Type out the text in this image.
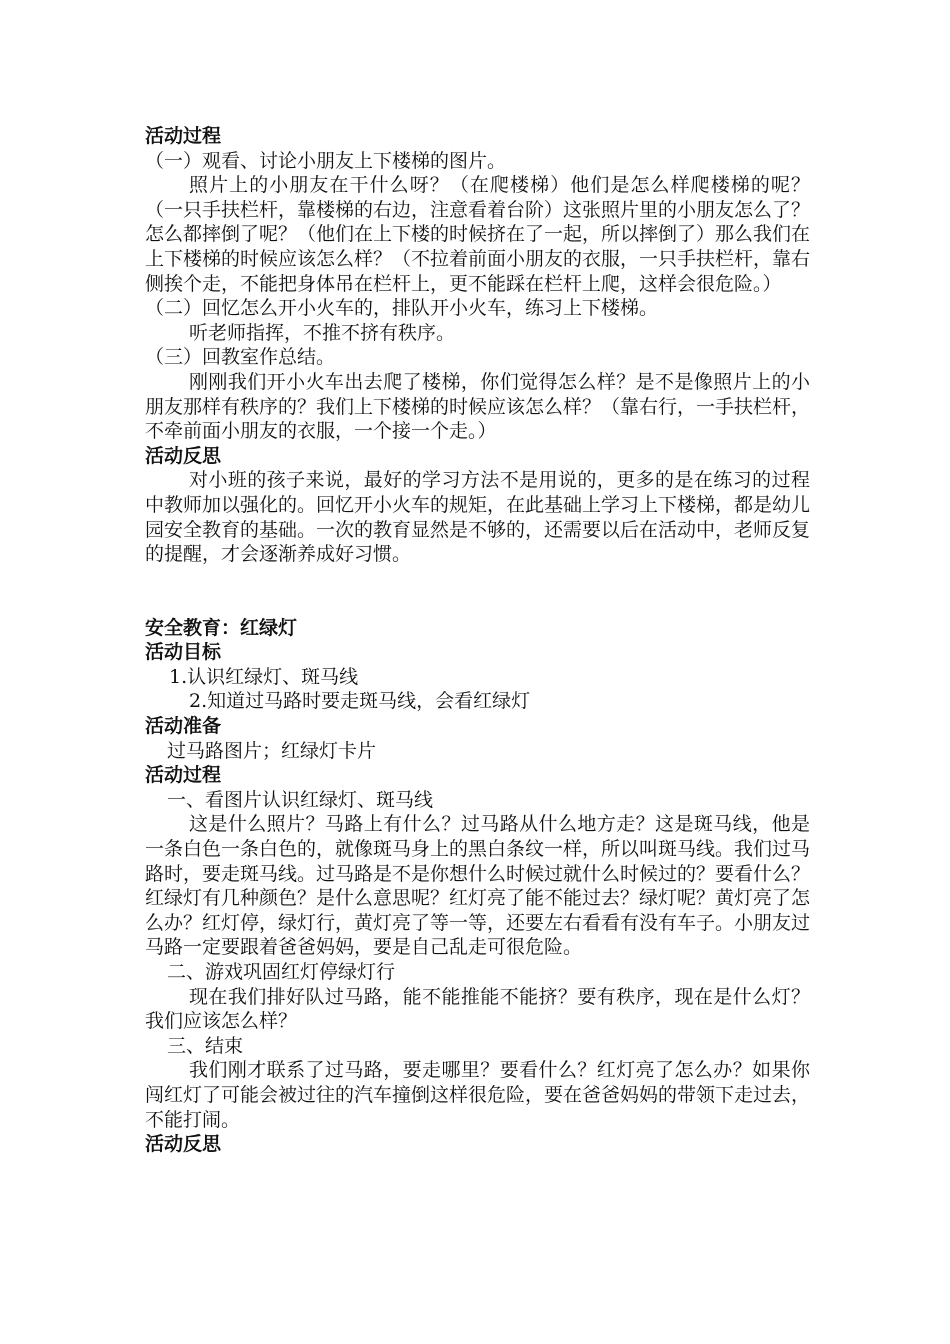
活动过程

（一）观看、讨论小朋友上下楼梯的图片。

照片上的小朋友在干什么呀？（在爬楼梯）他们是怎么样爬楼梯的呢？（一只手扶栏杆，靠楼梯的右边，注意看着台阶）这张照片里的小朋友怎么了？怎么都摔倒了呢？（他们在上下楼的时候挤在了一起，所以摔倒了）那么我们在上下楼梯的时候应该怎么样？（不拉着前面小朋友的衣服，一只手扶栏杆，靠右侧挨个走，不能把身体吊在栏杆上，更不能踩在栏杆上爬，这样会很危险。）

（二）回忆怎么开小火车的，排队开小火车，练习上下楼梯。

听老师指挥，不推不挤有秩序。

（三）回教室作总结。

刚刚我们开小火车出去爬了楼梯，你们觉得怎么样？是不是像照片上的小朋友那样有秩序的？我们上下楼梯的时候应该怎么样？（靠右行，一手扶栏杆，不牵前面小朋友的衣服，一个接一个走。）

活动反思

对小班的孩子来说，最好的学习方法不是用说的，更多的是在练习的过程中教师加以强化的。回忆开小火车的规矩，在此基础上学习上下楼梯，都是幼儿园安全教育的基础。一次的教育显然是不够的，还需要以后在活动中，老师反复的提醒，才会逐渐养成好习惯。

安全教育：红绿灯

活动目标

1.认识红绿灯、斑马线

2.知道过马路时要走斑马线，会看红绿灯

活动准备

过马路图片；红绿灯卡片

活动过程

一、看图片认识红绿灯、斑马线

这是什么照片？马路上有什么？过马路从什么地方走？这是斑马线，他是一条白色一条白色的，就像斑马身上的黑白条纹一样，所以叫斑马线。我们过马路时，要走斑马线。过马路是不是你想什么时候过就什么时候过的？要看什么？红绿灯有几种颜色？是什么意思呢？红灯亮了能不能过去？绿灯呢？黄灯亮了怎么办？红灯停，绿灯行，黄灯亮了等一等，还要左右看看有没有车子。小朋友过马路一定要跟着爸爸妈妈，要是自己乱走可很危险。

二、游戏巩固红灯停绿灯行

现在我们排好队过马路，能不能推能不能挤？要有秩序，现在是什么灯？我们应该怎么样？

三、结束

我们刚才联系了过马路，要走哪里？要看什么？红灯亮了怎么办？如果你闯红灯了可能会被过往的汽车撞倒这样很危险，要在爸爸妈妈的带领下走过去，不能打闹。

活动反思
